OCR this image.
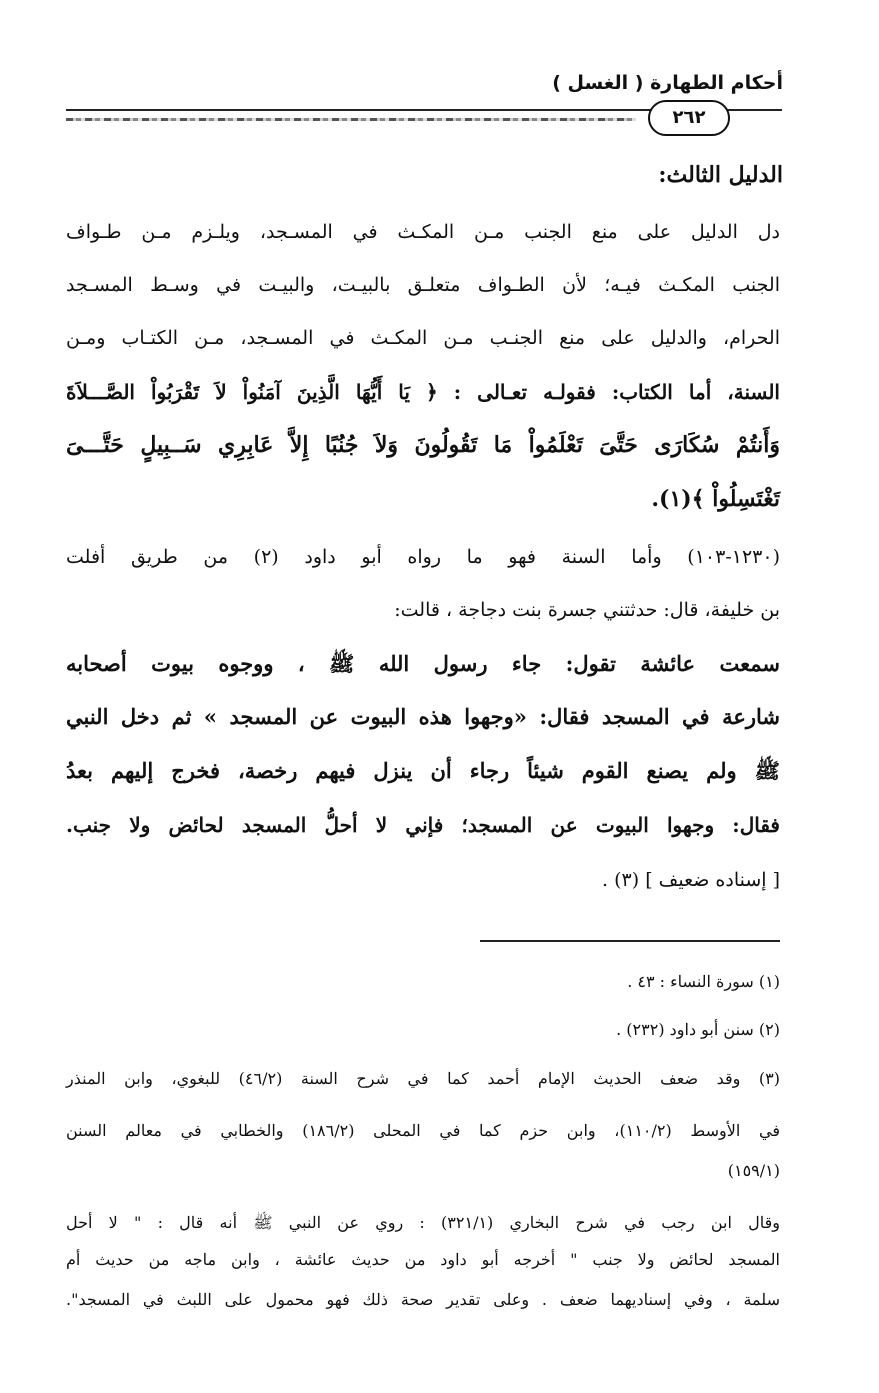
أحكام الطهارة ( الغسل )
٢٦٢
الدليل الثالث:
دل الدليل على منع الجنب مـن المكـث في المسـجد، ويلـزم مـن طـواف
الجنب المكـث فيـه؛ لأن الطـواف متعلـق بالبيـت، والبيـت في وسـط المسـجد
الحرام، والدليل على منع الجنـب مـن المكـث في المسـجد، مـن الكتـاب ومـن
السنة، أما الكتاب: فقولـه تعـالى : ﴿ يَا أَيُّهَا الَّذِينَ آمَنُواْ لاَ تَقْرَبُواْ الصَّـــلاَةَ
وَأَنتُمْ سُكَارَى حَتَّىَ تَعْلَمُواْ مَا تَقُولُونَ وَلاَ جُنُبًا إِلاَّ عَابِرِي سَــبِيلٍ حَتَّـــىَ
تَغْتَسِلُواْ ﴾(١).
(١٢٣٠-١٠٣) وأما السنة فهو ما رواه أبو داود (٢) من طريق أفلت
بن خليفة، قال: حدثتني جسرة بنت دجاجة ، قالت:
سمعت عائشة تقول: جاء رسول الله ﷺ ، ووجوه بيوت أصحابه
شارعة في المسجد فقال: «وجهوا هذه البيوت عن المسجد » ثم دخل النبي
ﷺ ولم يصنع القوم شيئاً رجاء أن ينزل فيهم رخصة، فخرج إليهم بعدُ
فقال: وجهوا البيوت عن المسجد؛ فإني لا أحلُّ المسجد لحائض ولا جنب.
[ إسناده ضعيف ] (٣) .
(١) سورة النساء : ٤٣ .
(٢) سنن أبو داود (٢٣٢) .
(٣) وقد ضعف الحديث الإمام أحمد كما في شرح السنة (٤٦/٢) للبغوي، وابن المنذر
في الأوسط (١١٠/٢)، وابن حزم كما في المحلى (١٨٦/٢) والخطابي في معالم السنن
(١٥٩/١)
وقال ابن رجب في شرح البخاري (٣٢١/١) : روي عن النبي ﷺ أنه قال : " لا أحل
المسجد لحائض ولا جنب " أخرجه أبو داود من حديث عائشة ، وابن ماجه من حديث أم
سلمة ، وفي إسناديهما ضعف . وعلى تقدير صحة ذلك فهو محمول على اللبث في المسجد".
